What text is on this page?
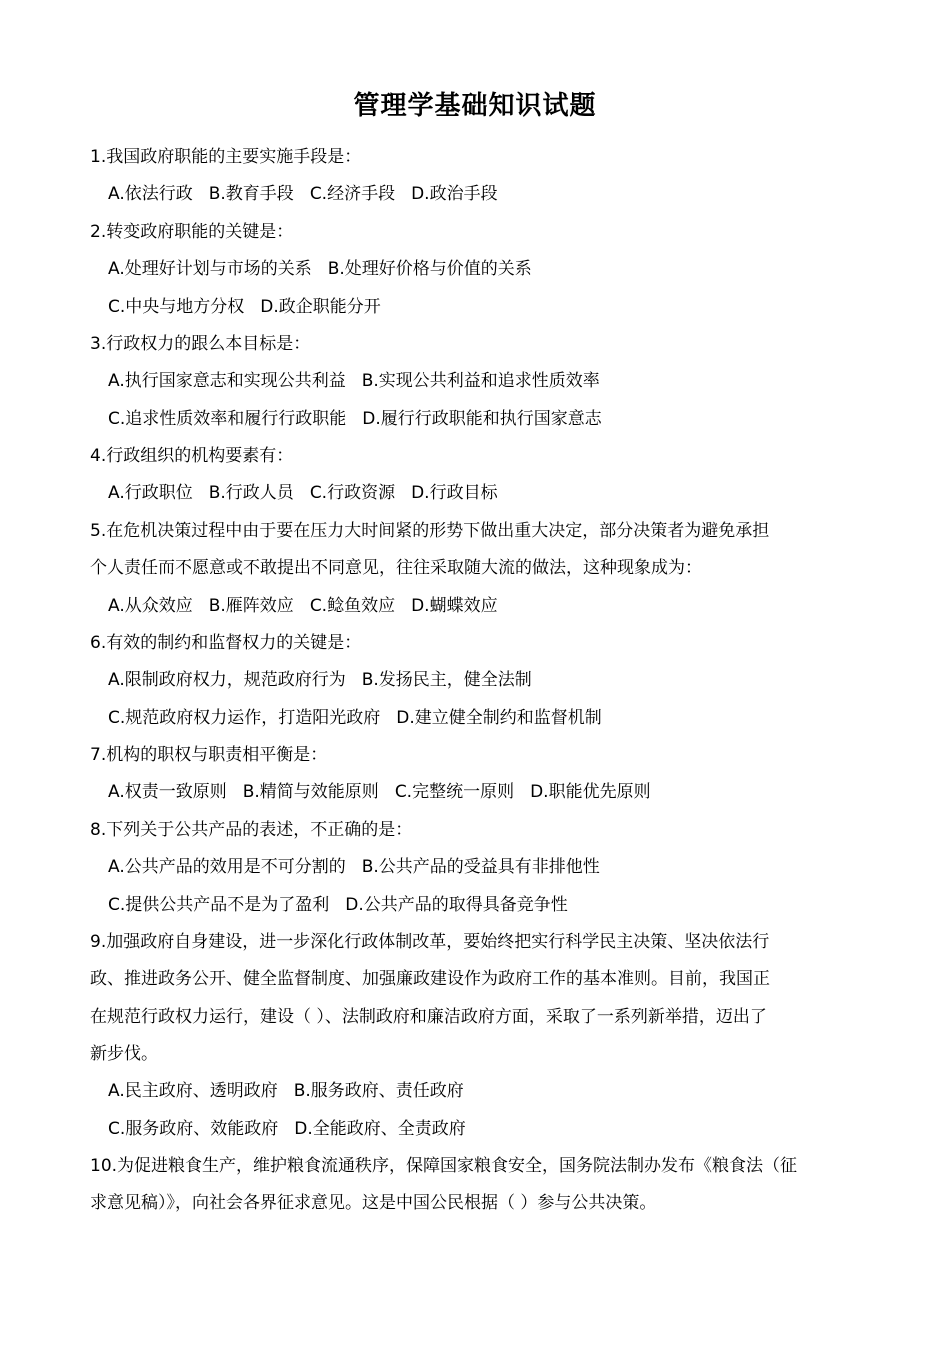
管理学基础知识试题
1.我国政府职能的主要实施手段是：
A.依法行政 B.教育手段 C.经济手段 D.政治手段
2.转变政府职能的关键是：
A.处理好计划与市场的关系 B.处理好价格与价值的关系
C.中央与地方分权 D.政企职能分开
3.行政权力的跟么本目标是：
A.执行国家意志和实现公共利益 B.实现公共利益和追求性质效率
C.追求性质效率和履行行政职能 D.履行行政职能和执行国家意志
4.行政组织的机构要素有：
A.行政职位 B.行政人员 C.行政资源 D.行政目标
5.在危机决策过程中由于要在压力大时间紧的形势下做出重大决定，部分决策者为避免承担
个人责任而不愿意或不敢提出不同意见，往往采取随大流的做法，这种现象成为：
A.从众效应 B.雁阵效应 C.鲶鱼效应 D.蝴蝶效应
6.有效的制约和监督权力的关键是：
A.限制政府权力，规范政府行为 B.发扬民主，健全法制
C.规范政府权力运作，打造阳光政府 D.建立健全制约和监督机制
7.机构的职权与职责相平衡是：
A.权责一致原则 B.精简与效能原则 C.完整统一原则 D.职能优先原则
8.下列关于公共产品的表述，不正确的是：
A.公共产品的效用是不可分割的 B.公共产品的受益具有非排他性
C.提供公共产品不是为了盈利 D.公共产品的取得具备竞争性
9.加强政府自身建设，进一步深化行政体制改革，要始终把实行科学民主决策、坚决依法行
政、推进政务公开、健全监督制度、加强廉政建设作为政府工作的基本准则。目前，我国正
在规范行政权力运行，建设（ ）、法制政府和廉洁政府方面，采取了一系列新举措，迈出了
新步伐。
A.民主政府、透明政府 B.服务政府、责任政府
C.服务政府、效能政府 D.全能政府、全责政府
10.为促进粮食生产，维护粮食流通秩序，保障国家粮食安全，国务院法制办发布《粮食法（征
求意见稿）》，向社会各界征求意见。这是中国公民根据（ ）参与公共决策。
